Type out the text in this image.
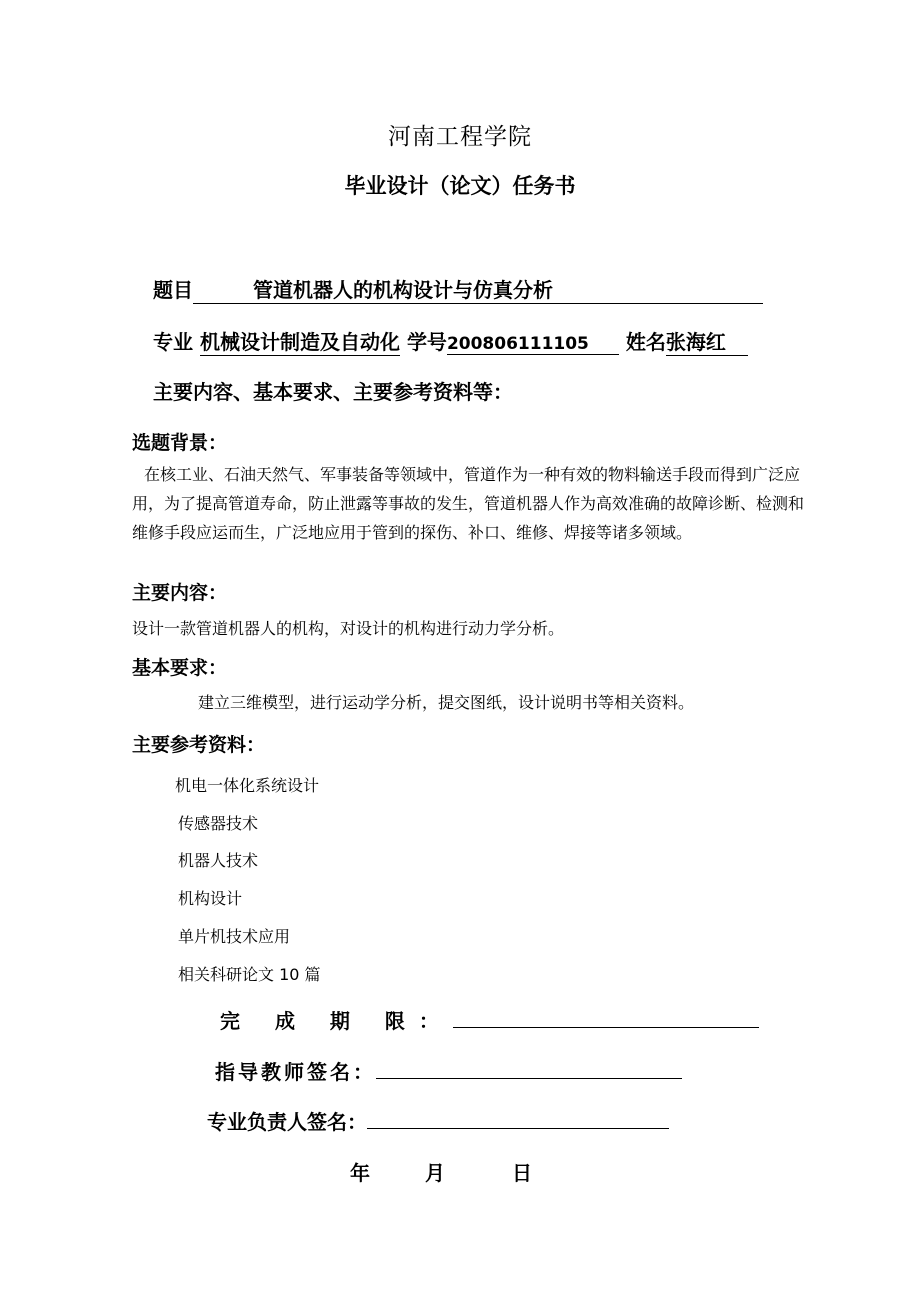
河南工程学院
毕业设计（论文）任务书
题目	管道机器人的机构设计与仿真分析
专业 机械设计制造及自动化 学号200806111105 姓名张海红
主要内容、基本要求、主要参考资料等：
选题背景：
在核工业、石油天然气、军事装备等领域中，管道作为一种有效的物料输送手段而得到广泛应用，为了提高管道寿命，防止泄露等事故的发生，管道机器人作为高效准确的故障诊断、检测和维修手段应运而生，广泛地应用于管到的探伤、补口、维修、焊接等诸多领域。
主要内容：
设计一款管道机器人的机构，对设计的机构进行动力学分析。
基本要求：
建立三维模型，进行运动学分析，提交图纸，设计说明书等相关资料。
主要参考资料：
机电一体化系统设计
传感器技术
机器人技术
机构设计
单片机技术应用
相关科研论文 10 篇
完 成 期 限：
指导教师签名：
专业负责人签名：
年	月	日
